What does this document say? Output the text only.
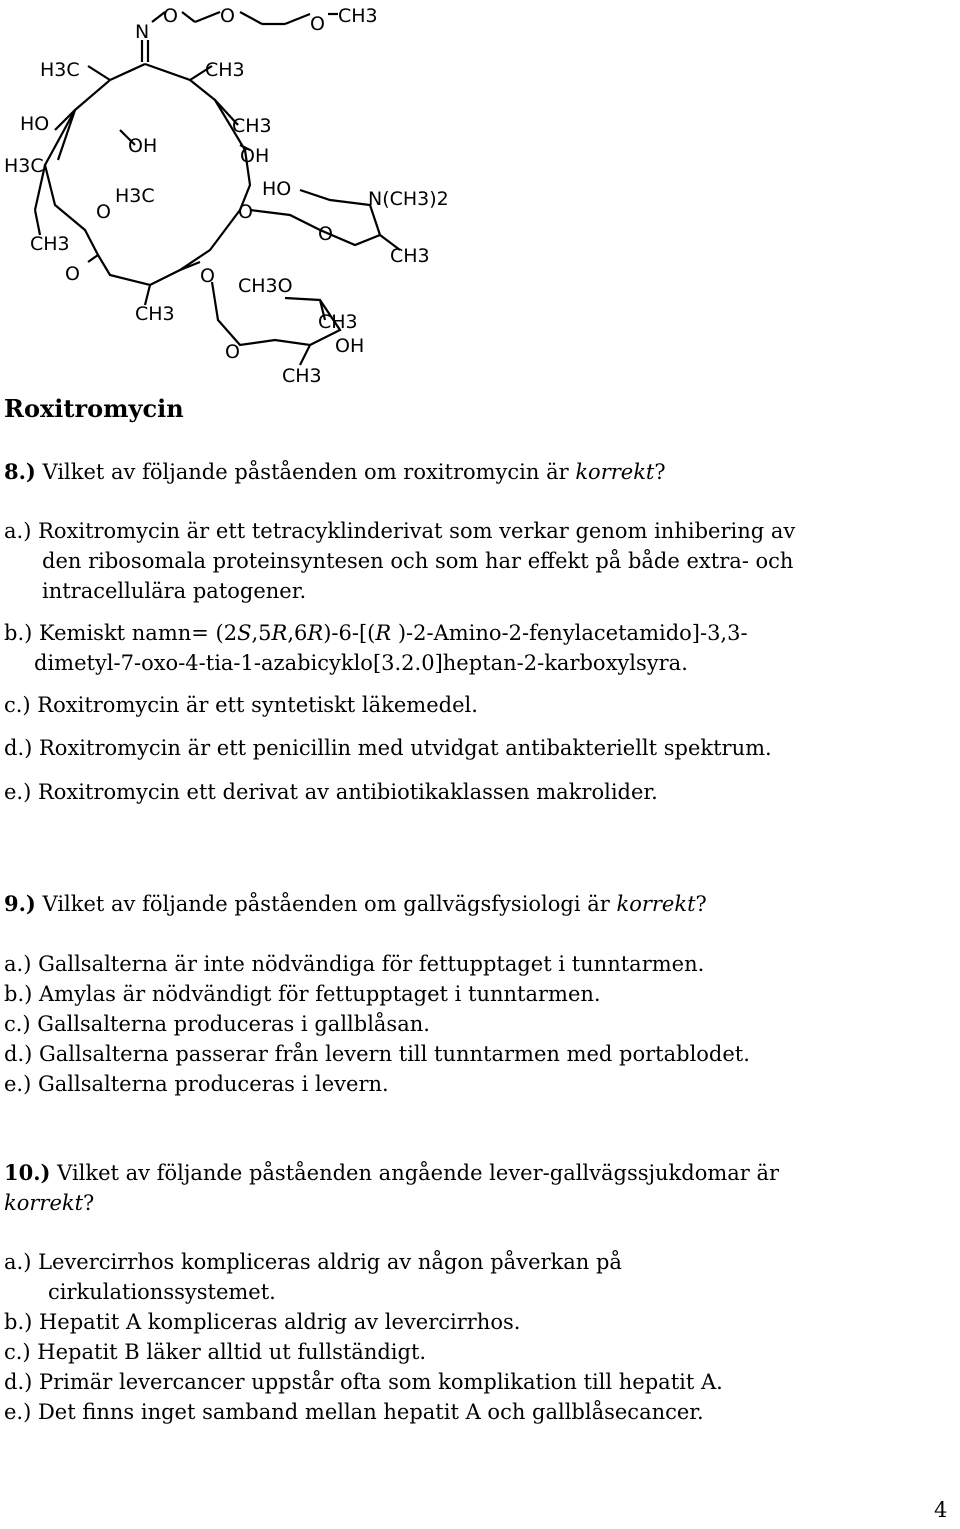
N
O O	O CH3
H3C	CH3
HO
OH
CH3
H3C	OH
O
H3C
O
HO	N(CH3)2
CH3	O
CH3
O	O CH3O
CH3	CH3
O	OH
CH3
Roxitromycin
8.) Vilket av följande påståenden om roxitromycin är korrekt?
a.) Roxitromycin är ett tetracyklinderivat som verkar genom inhibering av
den ribosomala proteinsyntesen och som har effekt på både extra- och
intracellulära patogener.
b.) Kemiskt namn= (2S,5R,6R)-6-[(R )-2-Amino-2-fenylacetamido]-3,3-
dimetyl-7-oxo-4-tia-1-azabicyklo[3.2.0]heptan-2-karboxylsyra.
c.) Roxitromycin är ett syntetiskt läkemedel.
d.) Roxitromycin är ett penicillin med utvidgat antibakteriellt spektrum.
e.) Roxitromycin ett derivat av antibiotikaklassen makrolider.
9.) Vilket av följande påståenden om gallvägsfysiologi är korrekt?
a.) Gallsalterna är inte nödvändiga för fettupptaget i tunntarmen.
b.) Amylas är nödvändigt för fettupptaget i tunntarmen.
c.) Gallsalterna produceras i gallblåsan.
d.) Gallsalterna passerar från levern till tunntarmen med portablodet.
e.) Gallsalterna produceras i levern.
10.) Vilket av följande påståenden angående lever-gallvägssjukdomar är
korrekt?
a.) Levercirrhos kompliceras aldrig av någon påverkan på
cirkulationssystemet.
b.) Hepatit A kompliceras aldrig av levercirrhos.
c.) Hepatit B läker alltid ut fullständigt.
d.) Primär levercancer uppstår ofta som komplikation till hepatit A.
e.) Det finns inget samband mellan hepatit A och gallblåsecancer.
4
